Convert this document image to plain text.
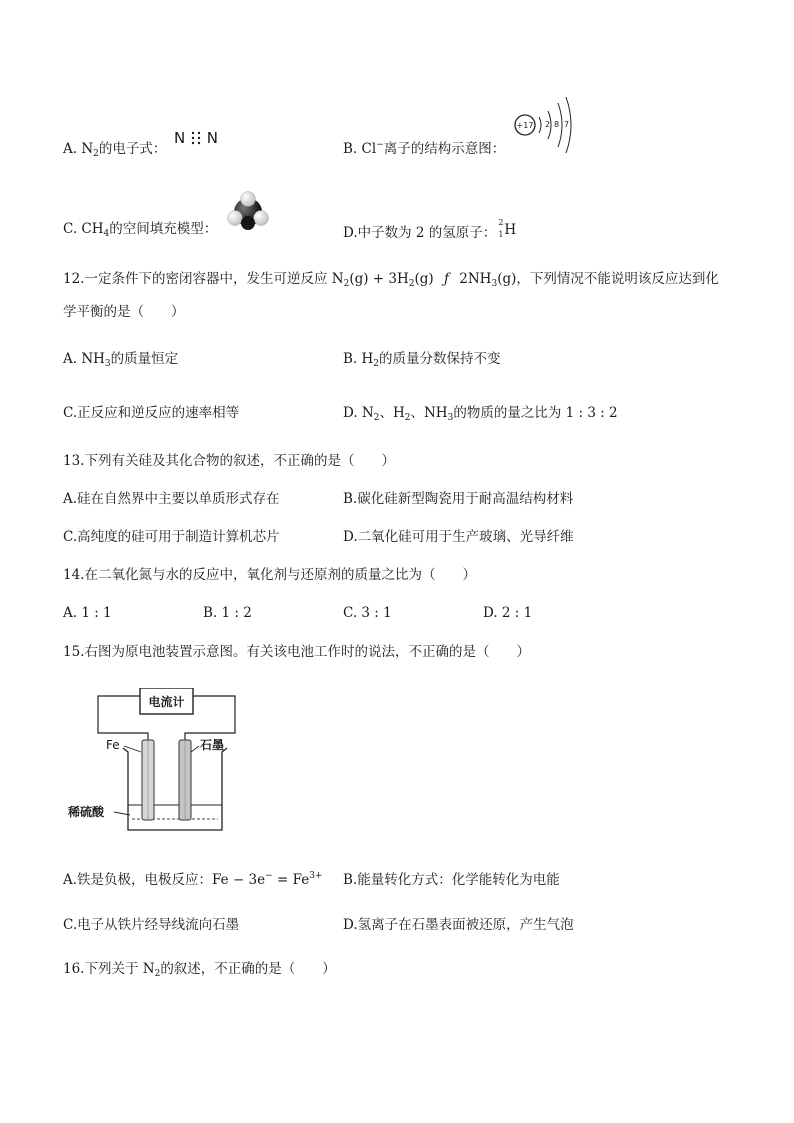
A. $N_2$的电子式：
N N
B. Cl−离子的结构示意图：
+17 2 8 7
C. $CH_4$的空间填充模型：	D.中子数为 2 的氢原子：
2
1 H
12.一定条件下的密闭容器中，发生可逆反应 $N_2(g) + 3H_2(g)$ ƒ $2NH_3(g)$，下列情况不能说明该反应达到化
学平衡的是（　　）
A. $NH_3$的质量恒定	B. $H_2$的质量分数保持不变
C.正反应和逆反应的速率相等	D. $N_2$、$H_2$、$NH_3$的物质的量之比为 1 : 3 : 2
13.下列有关硅及其化合物的叙述，不正确的是（　　）
A.硅在自然界中主要以单质形式存在	B.碳化硅新型陶瓷用于耐高温结构材料
C.高纯度的硅可用于制造计算机芯片	D.二氧化硅可用于生产玻璃、光导纤维
14.在二氧化氮与水的反应中，氧化剂与还原剂的质量之比为（　　）
A. 1 : 1	B. 1 : 2	C. 3 : 1	D. 2 : 1
15.右图为原电池装置示意图。有关该电池工作时的说法，不正确的是（　　）
电流计
Fe	石墨
稀硫酸
A.铁是负极，电极反应：$Fe - 3e^- = Fe^{3+}$ B.能量转化方式：化学能转化为电能
C.电子从铁片经导线流向石墨	D.氢离子在石墨表面被还原，产生气泡
16.下列关于 $N_2$的叙述，不正确的是（　　）
